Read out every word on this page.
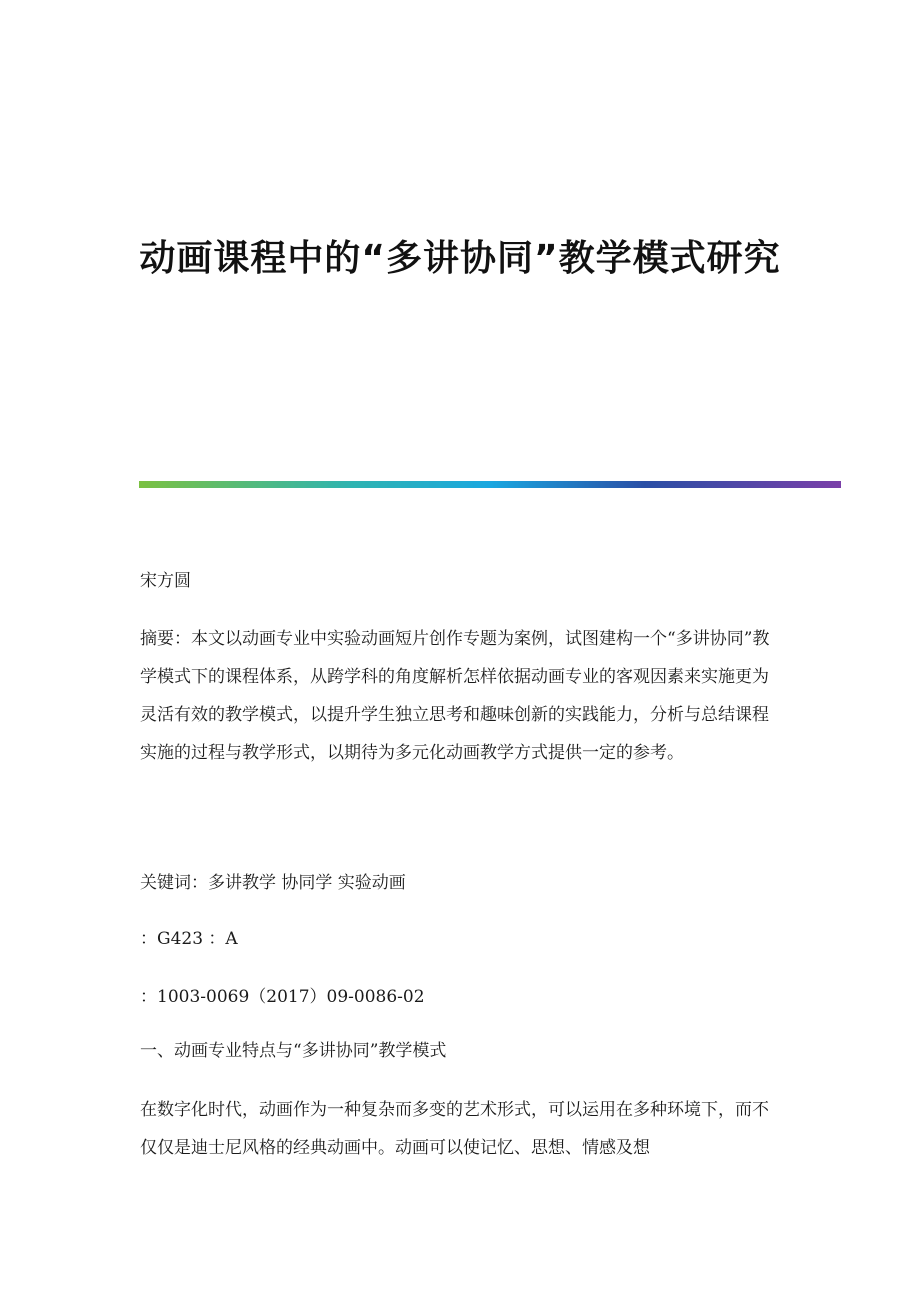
动画课程中的“多讲协同”教学模式研究

宋方圆

摘要：本文以动画专业中实验动画短片创作专题为案例，试图建构一个“多讲协同”教学模式下的课程体系，从跨学科的角度解析怎样依据动画专业的客观因素来实施更为灵活有效的教学模式，以提升学生独立思考和趣味创新的实践能力，分析与总结课程实施的过程与教学形式，以期待为多元化动画教学方式提供一定的参考。

关键词：多讲教学 协同学 实验动画

：G423 ：A

：1003-0069（2017）09-0086-02

一、动画专业特点与“多讲协同”教学模式

在数字化时代，动画作为一种复杂而多变的艺术形式，可以运用在多种环境下，而不仅仅是迪士尼风格的经典动画中。动画可以使记忆、思想、情感及想
